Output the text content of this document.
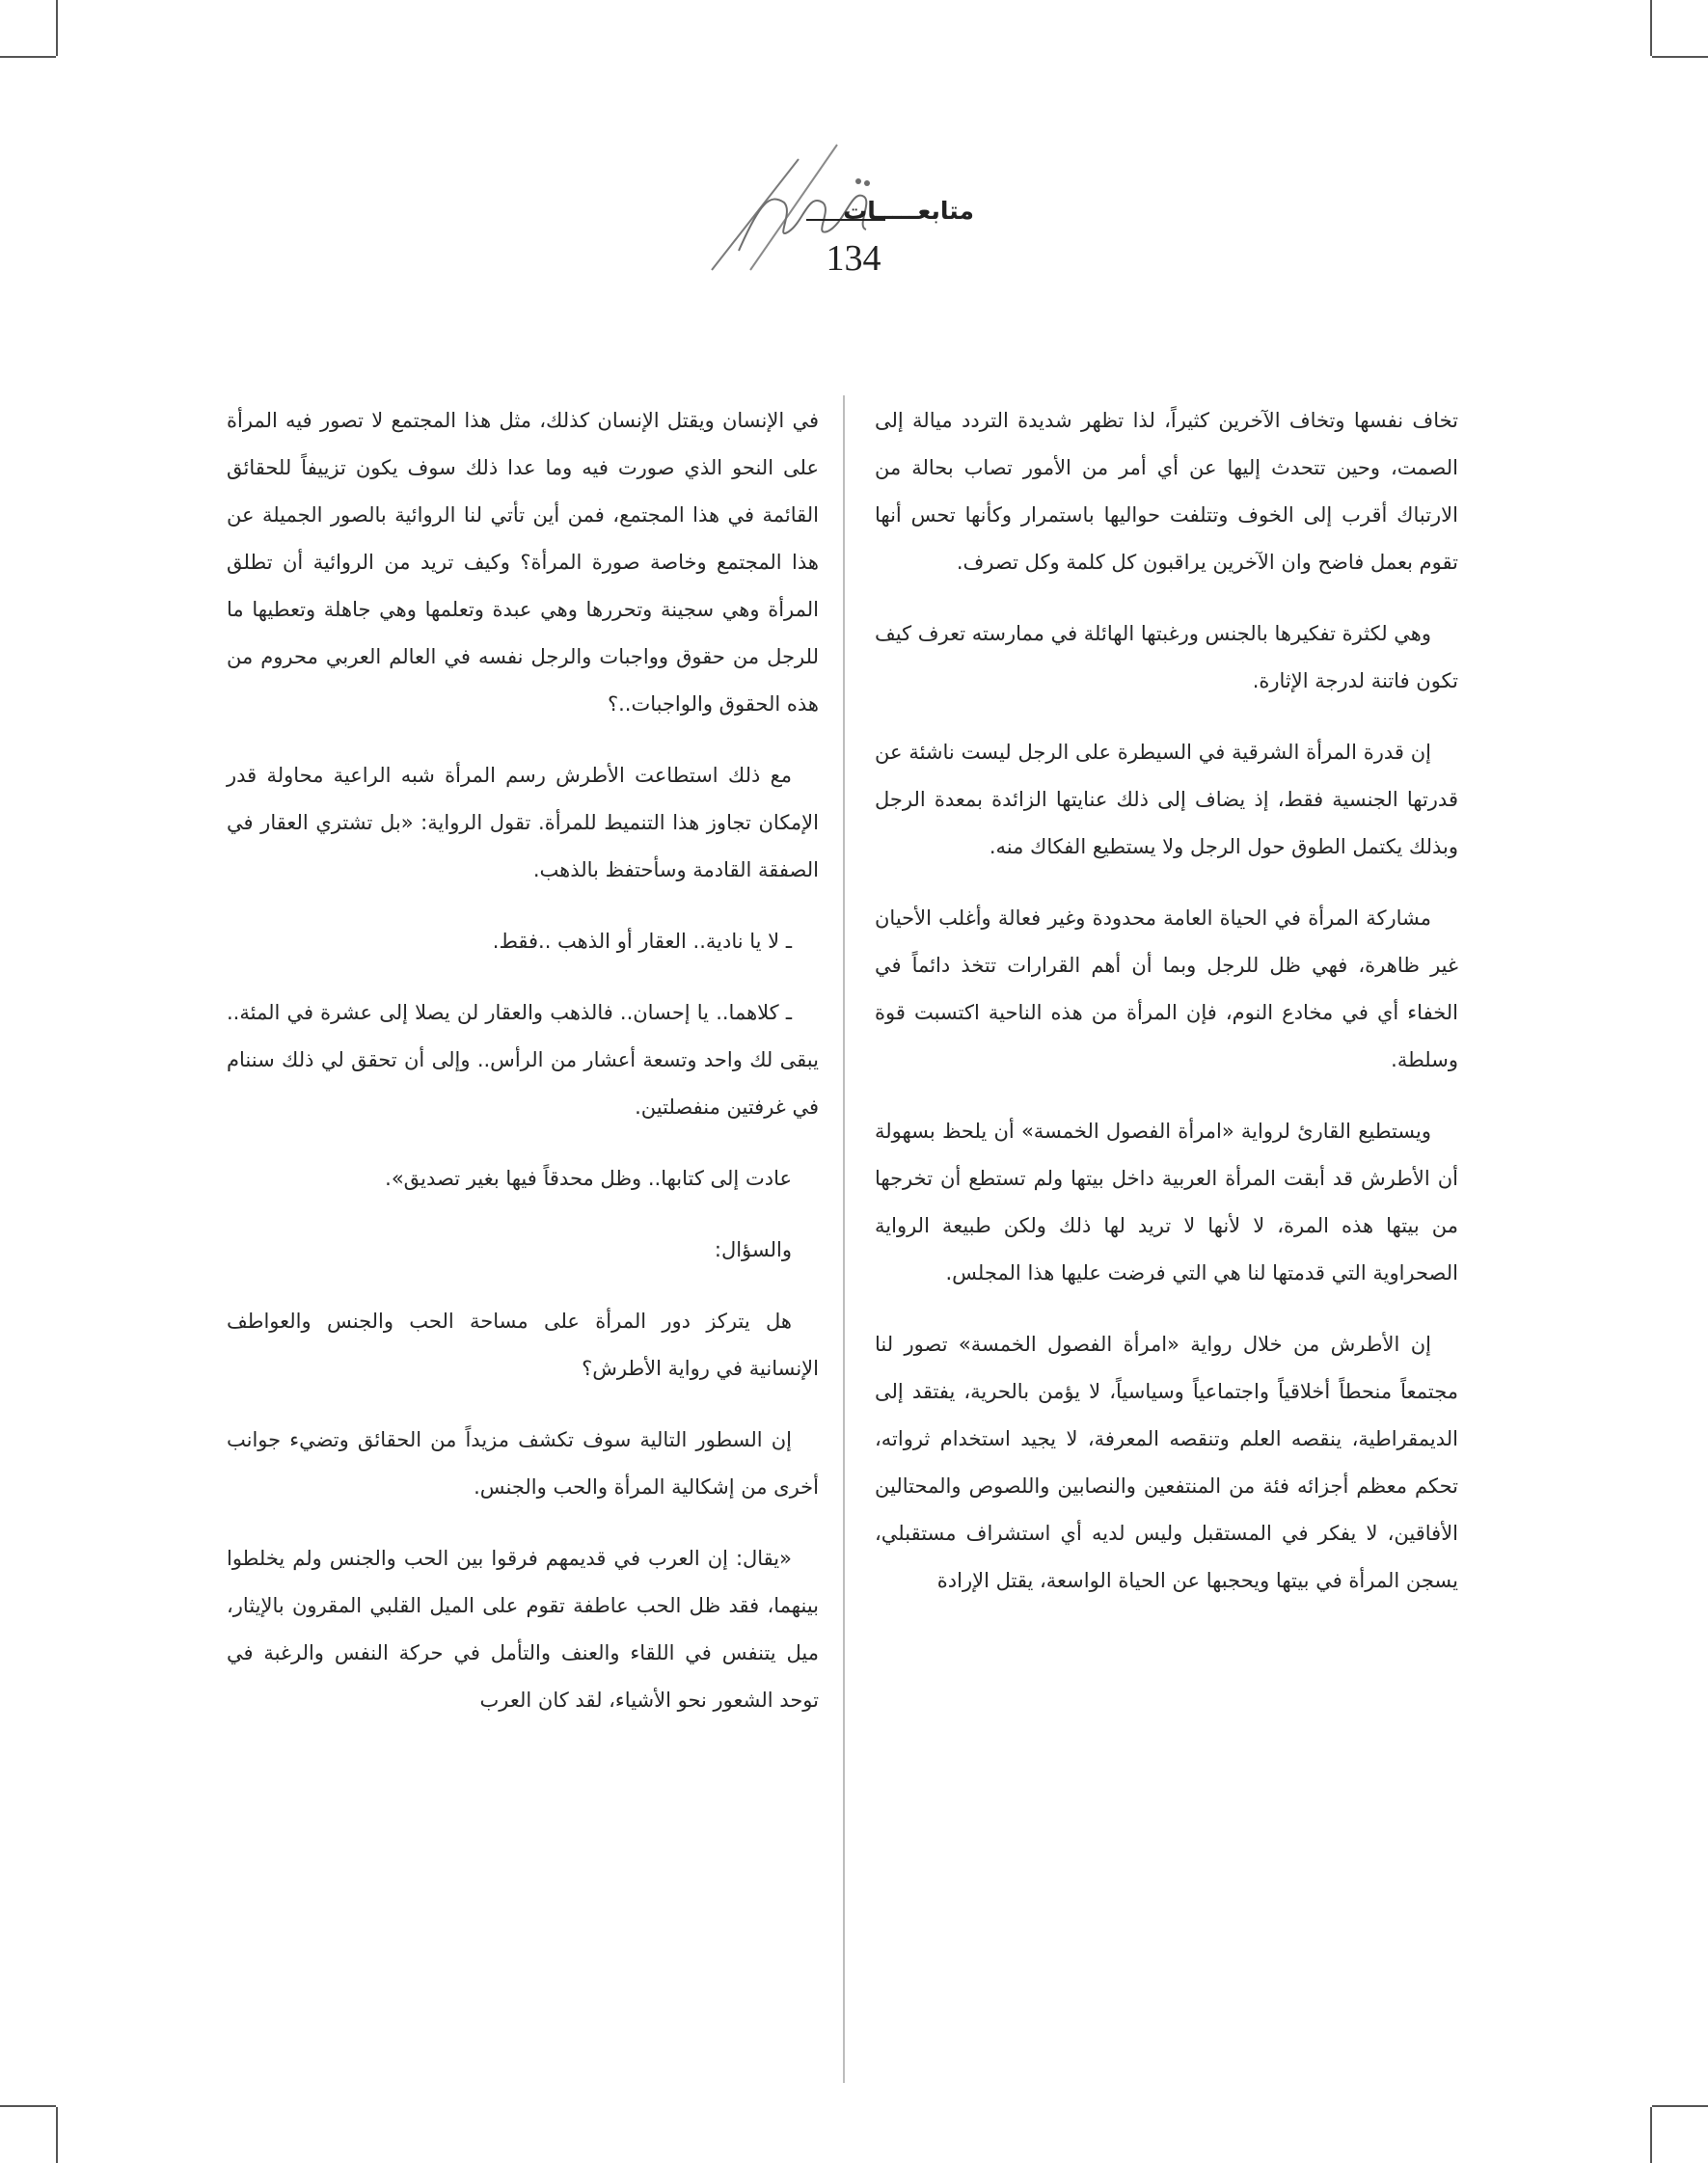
متابعـــــات
134

تخاف نفسها وتخاف الآخرين كثيراً، لذا تظهر شديدة التردد ميالة إلى الصمت، وحين تتحدث إليها عن أي أمر من الأمور تصاب بحالة من الارتباك أقرب إلى الخوف وتتلفت حواليها باستمرار وكأنها تحس أنها تقوم بعمل فاضح وان الآخرين يراقبون كل كلمة وكل تصرف.

وهي لكثرة تفكيرها بالجنس ورغبتها الهائلة في ممارسته تعرف كيف تكون فاتنة لدرجة الإثارة.

إن قدرة المرأة الشرقية في السيطرة على الرجل ليست ناشئة عن قدرتها الجنسية فقط، إذ يضاف إلى ذلك عنايتها الزائدة بمعدة الرجل وبذلك يكتمل الطوق حول الرجل ولا يستطيع الفكاك منه.

مشاركة المرأة في الحياة العامة محدودة وغير فعالة وأغلب الأحيان غير ظاهرة، فهي ظل للرجل وبما أن أهم القرارات تتخذ دائماً في الخفاء أي في مخادع النوم، فإن المرأة من هذه الناحية اكتسبت قوة وسلطة.

ويستطيع القارئ لرواية «امرأة الفصول الخمسة» أن يلحظ بسهولة أن الأطرش قد أبقت المرأة العربية داخل بيتها ولم تستطع أن تخرجها من بيتها هذه المرة، لا لأنها لا تريد لها ذلك ولكن طبيعة الرواية الصحراوية التي قدمتها لنا هي التي فرضت عليها هذا المجلس.

إن الأطرش من خلال رواية «امرأة الفصول الخمسة» تصور لنا مجتمعاً منحطاً أخلاقياً واجتماعياً وسياسياً، لا يؤمن بالحرية، يفتقد إلى الديمقراطية، ينقصه العلم وتنقصه المعرفة، لا يجيد استخدام ثرواته، تحكم معظم أجزائه فئة من المنتفعين والنصابين واللصوص والمحتالين الأفاقين، لا يفكر في المستقبل وليس لديه أي استشراف مستقبلي، يسجن المرأة في بيتها ويحجبها عن الحياة الواسعة، يقتل الإرادة

في الإنسان ويقتل الإنسان كذلك، مثل هذا المجتمع لا تصور فيه المرأة على النحو الذي صورت فيه وما عدا ذلك سوف يكون تزييفاً للحقائق القائمة في هذا المجتمع، فمن أين تأتي لنا الروائية بالصور الجميلة عن هذا المجتمع وخاصة صورة المرأة؟ وكيف تريد من الروائية أن تطلق المرأة وهي سجينة وتحررها وهي عبدة وتعلمها وهي جاهلة وتعطيها ما للرجل من حقوق وواجبات والرجل نفسه في العالم العربي محروم من هذه الحقوق والواجبات..؟

مع ذلك استطاعت الأطرش رسم المرأة شبه الراعية محاولة قدر الإمكان تجاوز هذا التنميط للمرأة. تقول الرواية: «بل تشتري العقار في الصفقة القادمة وسأحتفظ بالذهب.

ـ لا يا نادية.. العقار أو الذهب ..فقط.

ـ كلاهما.. يا إحسان.. فالذهب والعقار لن يصلا إلى عشرة في المئة.. يبقى لك واحد وتسعة أعشار من الرأس.. وإلى أن تحقق لي ذلك سننام في غرفتين منفصلتين.

عادت إلى كتابها.. وظل محدقاً فيها بغير تصديق».

والسؤال:

هل يتركز دور المرأة على مساحة الحب والجنس والعواطف الإنسانية في رواية الأطرش؟

إن السطور التالية سوف تكشف مزيداً من الحقائق وتضيء جوانب أخرى من إشكالية المرأة والحب والجنس.

«يقال: إن العرب في قديمهم فرقوا بين الحب والجنس ولم يخلطوا بينهما، فقد ظل الحب عاطفة تقوم على الميل القلبي المقرون بالإيثار، ميل يتنفس في اللقاء والعنف والتأمل في حركة النفس والرغبة في توحد الشعور نحو الأشياء، لقد كان العرب
